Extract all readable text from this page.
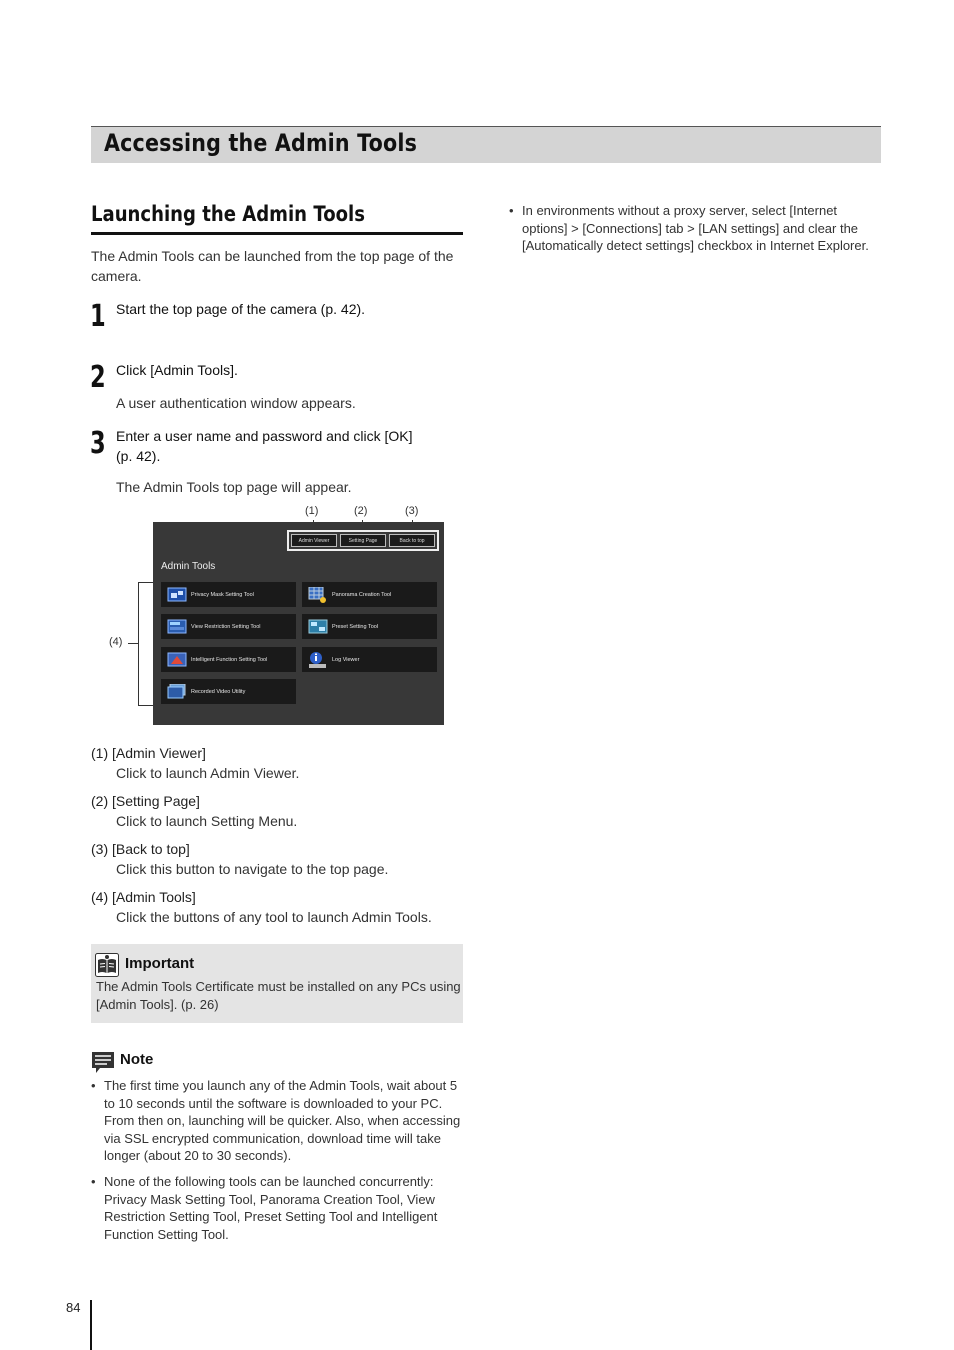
Accessing the Admin Tools
Launching the Admin Tools
The Admin Tools can be launched from the top page of the camera.
1 Start the top page of the camera (p. 42).
2 Click [Admin Tools].
A user authentication window appears.
3 Enter a user name and password and click [OK]
(p. 42).
The Admin Tools top page will appear.
(1)	(2)	(3)
(4)
Admin Viewer	Setting Page	Back to top
Admin Tools
Privacy Mask Setting Tool	Panorama Creation Tool
View Restriction Setting Tool	Preset Setting Tool
Intelligent Function Setting Tool	Log Viewer
Recorded Video Utility
(1) [Admin Viewer]
Click to launch Admin Viewer.
(2) [Setting Page]
Click to launch Setting Menu.
(3) [Back to top]
Click this button to navigate to the top page.
(4) [Admin Tools]
Click the buttons of any tool to launch Admin Tools.
Important
The Admin Tools Certificate must be installed on any PCs using
[Admin Tools]. (p. 26)
Note
• The first time you launch any of the Admin Tools, wait about 5
to 10 seconds until the software is downloaded to your PC.
From then on, launching will be quicker. Also, when accessing
via SSL encrypted communication, download time will take
longer (about 20 to 30 seconds).
• None of the following tools can be launched concurrently:
Privacy Mask Setting Tool, Panorama Creation Tool, View
Restriction Setting Tool, Preset Setting Tool and Intelligent
Function Setting Tool.
• In environments without a proxy server, select [Internet
options] > [Connections] tab > [LAN settings] and clear the
[Automatically detect settings] checkbox in Internet Explorer.
84
